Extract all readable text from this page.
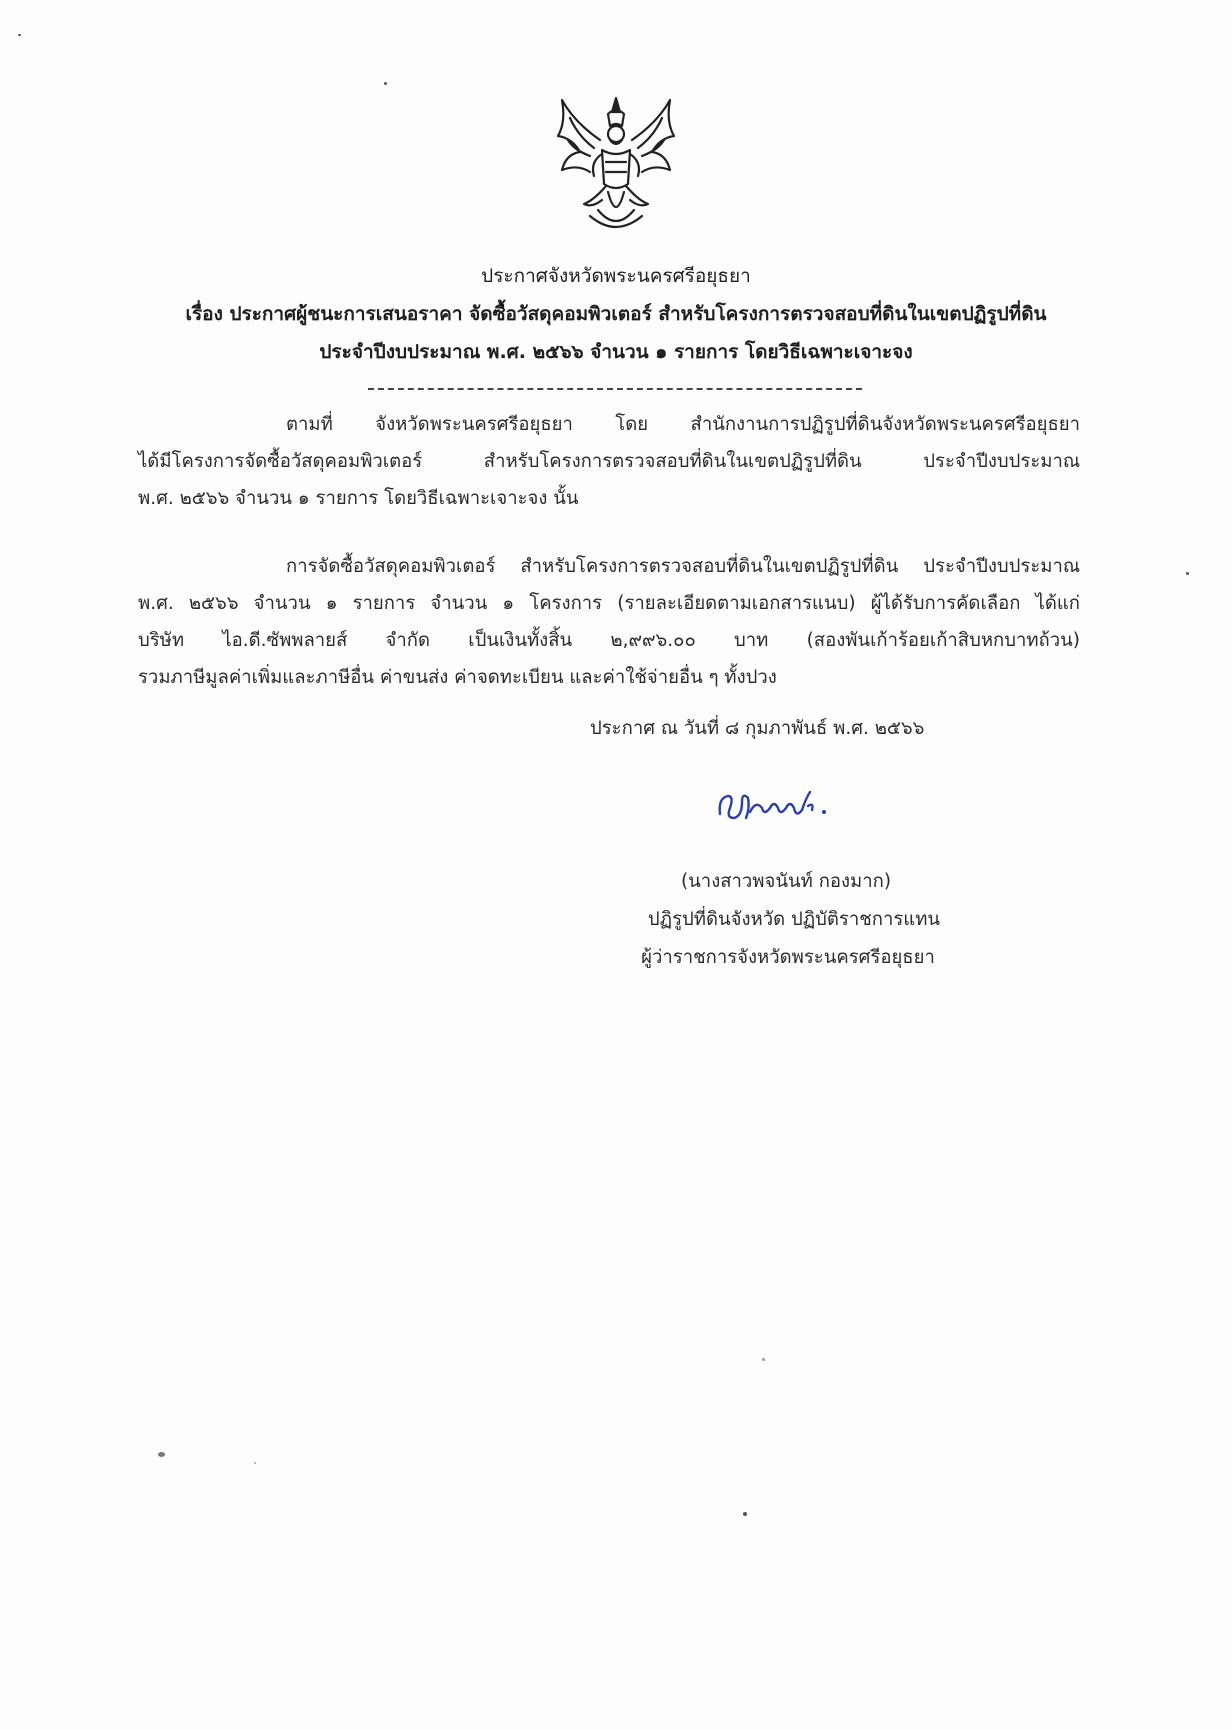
ประกาศจังหวัดพระนครศรีอยุธยา
เรื่อง ประกาศผู้ชนะการเสนอราคา จัดซื้อวัสดุคอมพิวเตอร์ สำหรับโครงการตรวจสอบที่ดินในเขตปฏิรูปที่ดิน
ประจำปีงบประมาณ พ.ศ. ๒๕๖๖ จำนวน ๑ รายการ โดยวิธีเฉพาะเจาะจง
ตามที่ จังหวัดพระนครศรีอยุธยา โดย สำนักงานการปฏิรูปที่ดินจังหวัดพระนครศรีอยุธยา
ได้มีโครงการจัดซื้อวัสดุคอมพิวเตอร์ สำหรับโครงการตรวจสอบที่ดินในเขตปฏิรูปที่ดิน ประจำปีงบประมาณ
พ.ศ. ๒๕๖๖ จำนวน ๑ รายการ โดยวิธีเฉพาะเจาะจง นั้น
การจัดซื้อวัสดุคอมพิวเตอร์ สำหรับโครงการตรวจสอบที่ดินในเขตปฏิรูปที่ดิน ประจำปีงบประมาณ
พ.ศ. ๒๕๖๖ จำนวน ๑ รายการ จำนวน ๑ โครงการ (รายละเอียดตามเอกสารแนบ) ผู้ได้รับการคัดเลือก ได้แก่
บริษัท ไอ.ดี.ซัพพลายส์ จำกัด เป็นเงินทั้งสิ้น ๒,๙๙๖.๐๐ บาท (สองพันเก้าร้อยเก้าสิบหกบาทถ้วน)
รวมภาษีมูลค่าเพิ่มและภาษีอื่น ค่าขนส่ง ค่าจดทะเบียน และค่าใช้จ่ายอื่น ๆ ทั้งปวง
ประกาศ ณ วันที่ ๘ กุมภาพันธ์ พ.ศ. ๒๕๖๖
(นางสาวพจนันท์ กองมาก)
ปฏิรูปที่ดินจังหวัด ปฏิบัติราชการแทน
ผู้ว่าราชการจังหวัดพระนครศรีอยุธยา
